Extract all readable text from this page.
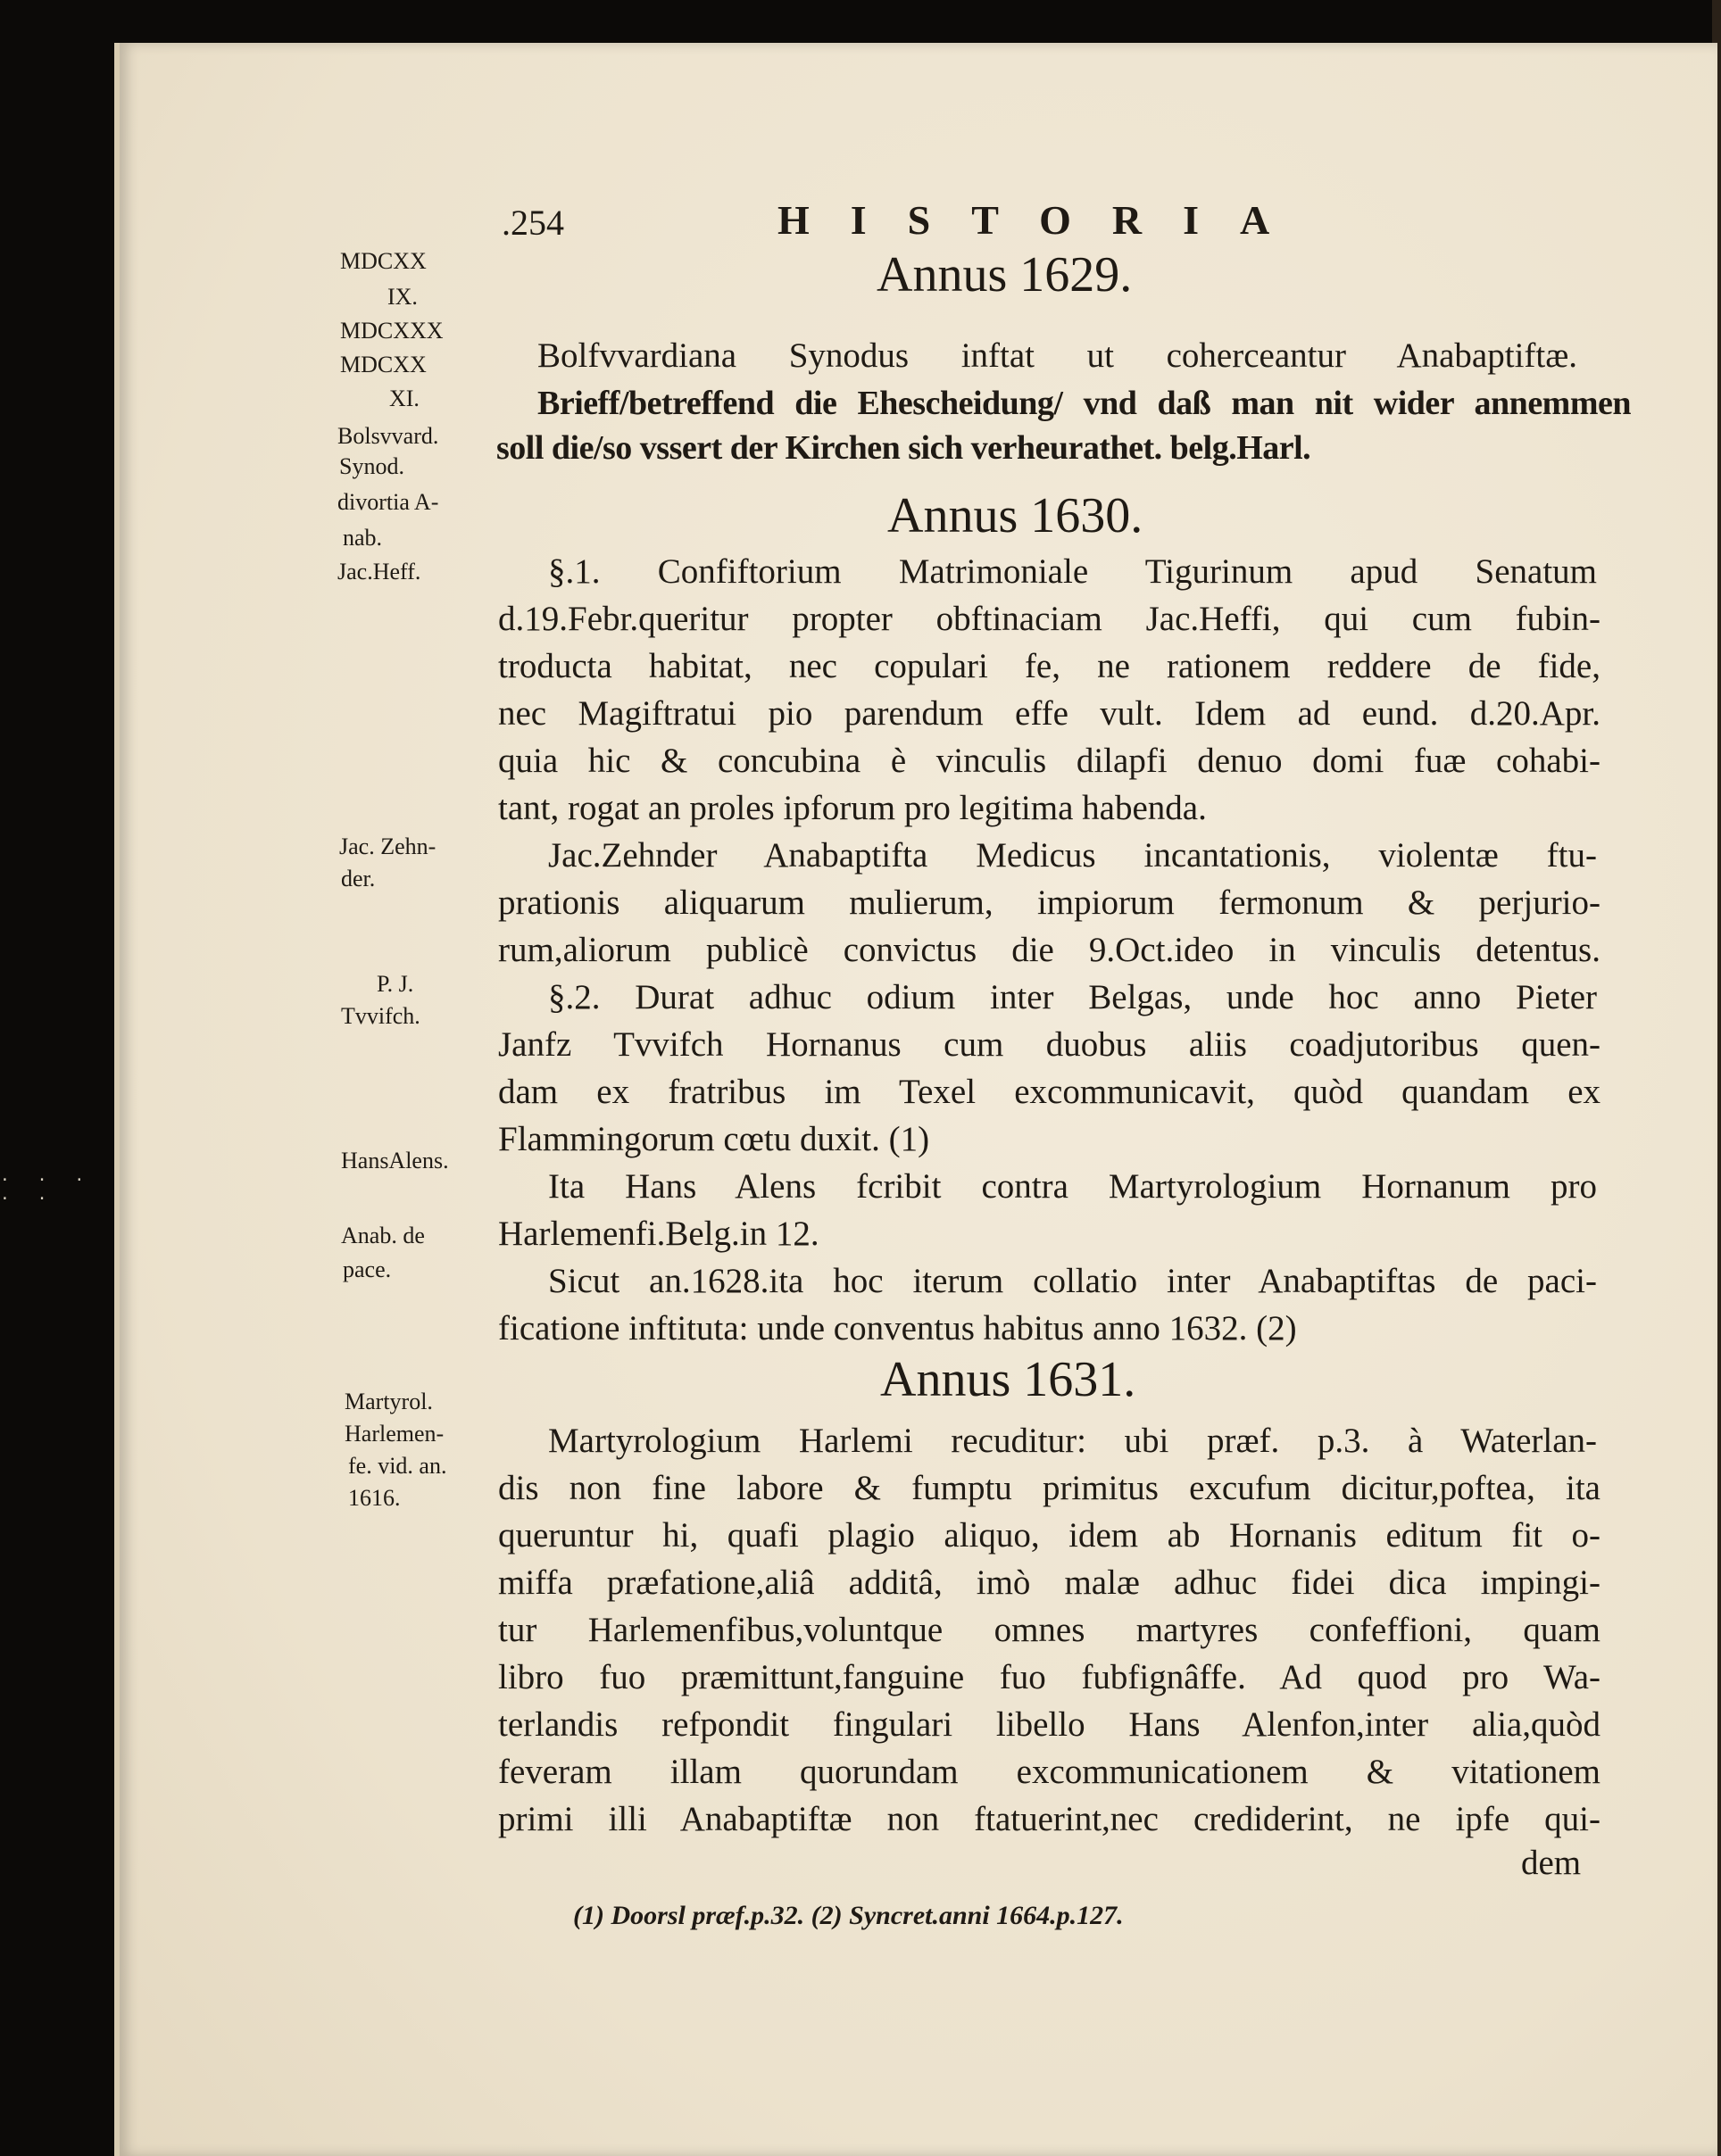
· · · · ·
.254	HISTORIA
MDCXX
IX.
MDCXXX
MDCXX
XI.
Bolsvvard.
Synod.
divortia A-
nab.
Jac.Heff.
Jac. Zehn-
der.
P. J.
Tvvifch.
HansAlens.
Anab. de
pace.
Martyrol.
Harlemen-
fe. vid. an.
1616.
Annus 1629.
Bolfvvardiana Synodus inftat ut coherceantur Anabaptiftæ.
Brieff/betreffend die Ehescheidung/ vnd daß man nit wider annemmen
soll die/so vssert der Kirchen sich verheurathet. belg.Harl.
Annus 1630.
§.1. Confiftorium Matrimoniale Tigurinum apud Senatum
d.19.Febr.queritur propter obftinaciam Jac.Heffi, qui cum fubin-
troducta habitat, nec copulari fe, ne rationem reddere de fide,
nec Magiftratui pio parendum effe vult. Idem ad eund. d.20.Apr.
quia hic & concubina è vinculis dilapfi denuo domi fuæ cohabi-
tant, rogat an proles ipforum pro legitima habenda.
Jac.Zehnder Anabaptifta Medicus incantationis, violentæ ftu-
prationis aliquarum mulierum, impiorum fermonum & perjurio-
rum,aliorum publicè convictus die 9.Oct.ideo in vinculis detentus.
§.2. Durat adhuc odium inter Belgas, unde hoc anno Pieter
Janfz Tvvifch Hornanus cum duobus aliis coadjutoribus quen-
dam ex fratribus im Texel excommunicavit, quòd quandam ex
Flammingorum cœtu duxit. (1)
Ita Hans Alens fcribit contra Martyrologium Hornanum pro
Harlemenfi.Belg.in 12.
Sicut an.1628.ita hoc iterum collatio inter Anabaptiftas de paci-
ficatione inftituta: unde conventus habitus anno 1632. (2)
Annus 1631.
Martyrologium Harlemi recuditur: ubi præf. p.3. à Waterlan-
dis non fine labore & fumptu primitus excufum dicitur,poftea, ita
queruntur hi, quafi plagio aliquo, idem ab Hornanis editum fit o-
miffa præfatione,aliâ additâ, imò malæ adhuc fidei dica impingi-
tur Harlemenfibus,voluntque omnes martyres confeffioni, quam
libro fuo præmittunt,fanguine fuo fubfignâffe. Ad quod pro Wa-
terlandis refpondit fingulari libello Hans Alenfon,inter alia,quòd
feveram illam quorundam excommunicationem & vitationem
primi illi Anabaptiftæ non ftatuerint,nec crediderint, ne ipfe qui-
dem
(1) Doorsl præf.p.32. (2) Syncret.anni 1664.p.127.
